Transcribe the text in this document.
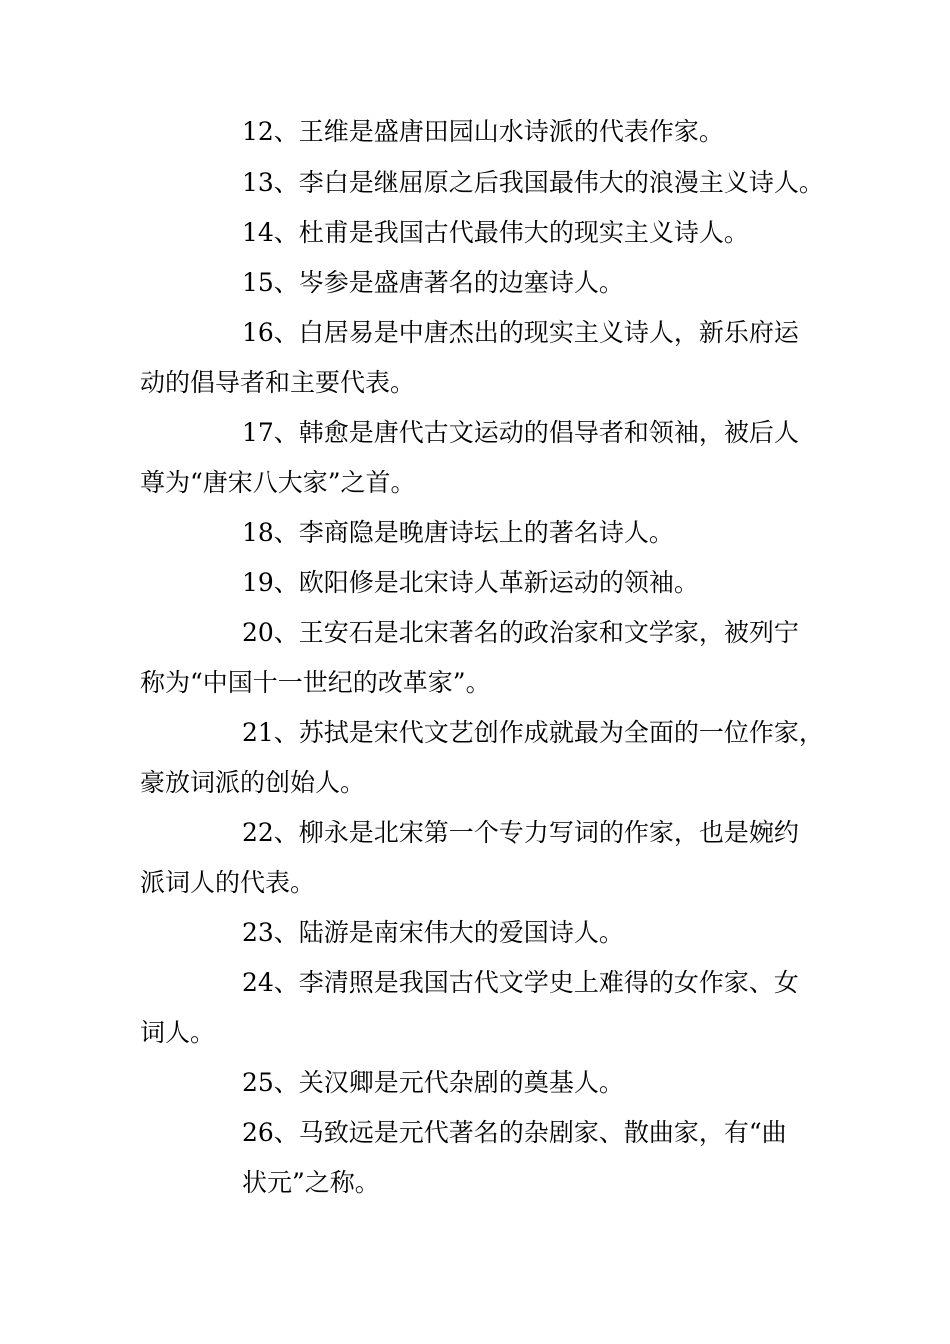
12、王维是盛唐田园山水诗派的代表作家。

13、李白是继屈原之后我国最伟大的浪漫主义诗人。

14、杜甫是我国古代最伟大的现实主义诗人。

15、岑参是盛唐著名的边塞诗人。

16、白居易是中唐杰出的现实主义诗人，新乐府运

动的倡导者和主要代表。

17、韩愈是唐代古文运动的倡导者和领袖，被后人

尊为“唐宋八大家”之首。

18、李商隐是晚唐诗坛上的著名诗人。

19、欧阳修是北宋诗人革新运动的领袖。

20、王安石是北宋著名的政治家和文学家，被列宁

称为“中国十一世纪的改革家”。

21、苏拭是宋代文艺创作成就最为全面的一位作家，

豪放词派的创始人。

22、柳永是北宋第一个专力写词的作家，也是婉约

派词人的代表。

23、陆游是南宋伟大的爱国诗人。

24、李清照是我国古代文学史上难得的女作家、女

词人。

25、关汉卿是元代杂剧的奠基人。

26、马致远是元代著名的杂剧家、散曲家，有“曲

状元”之称。
